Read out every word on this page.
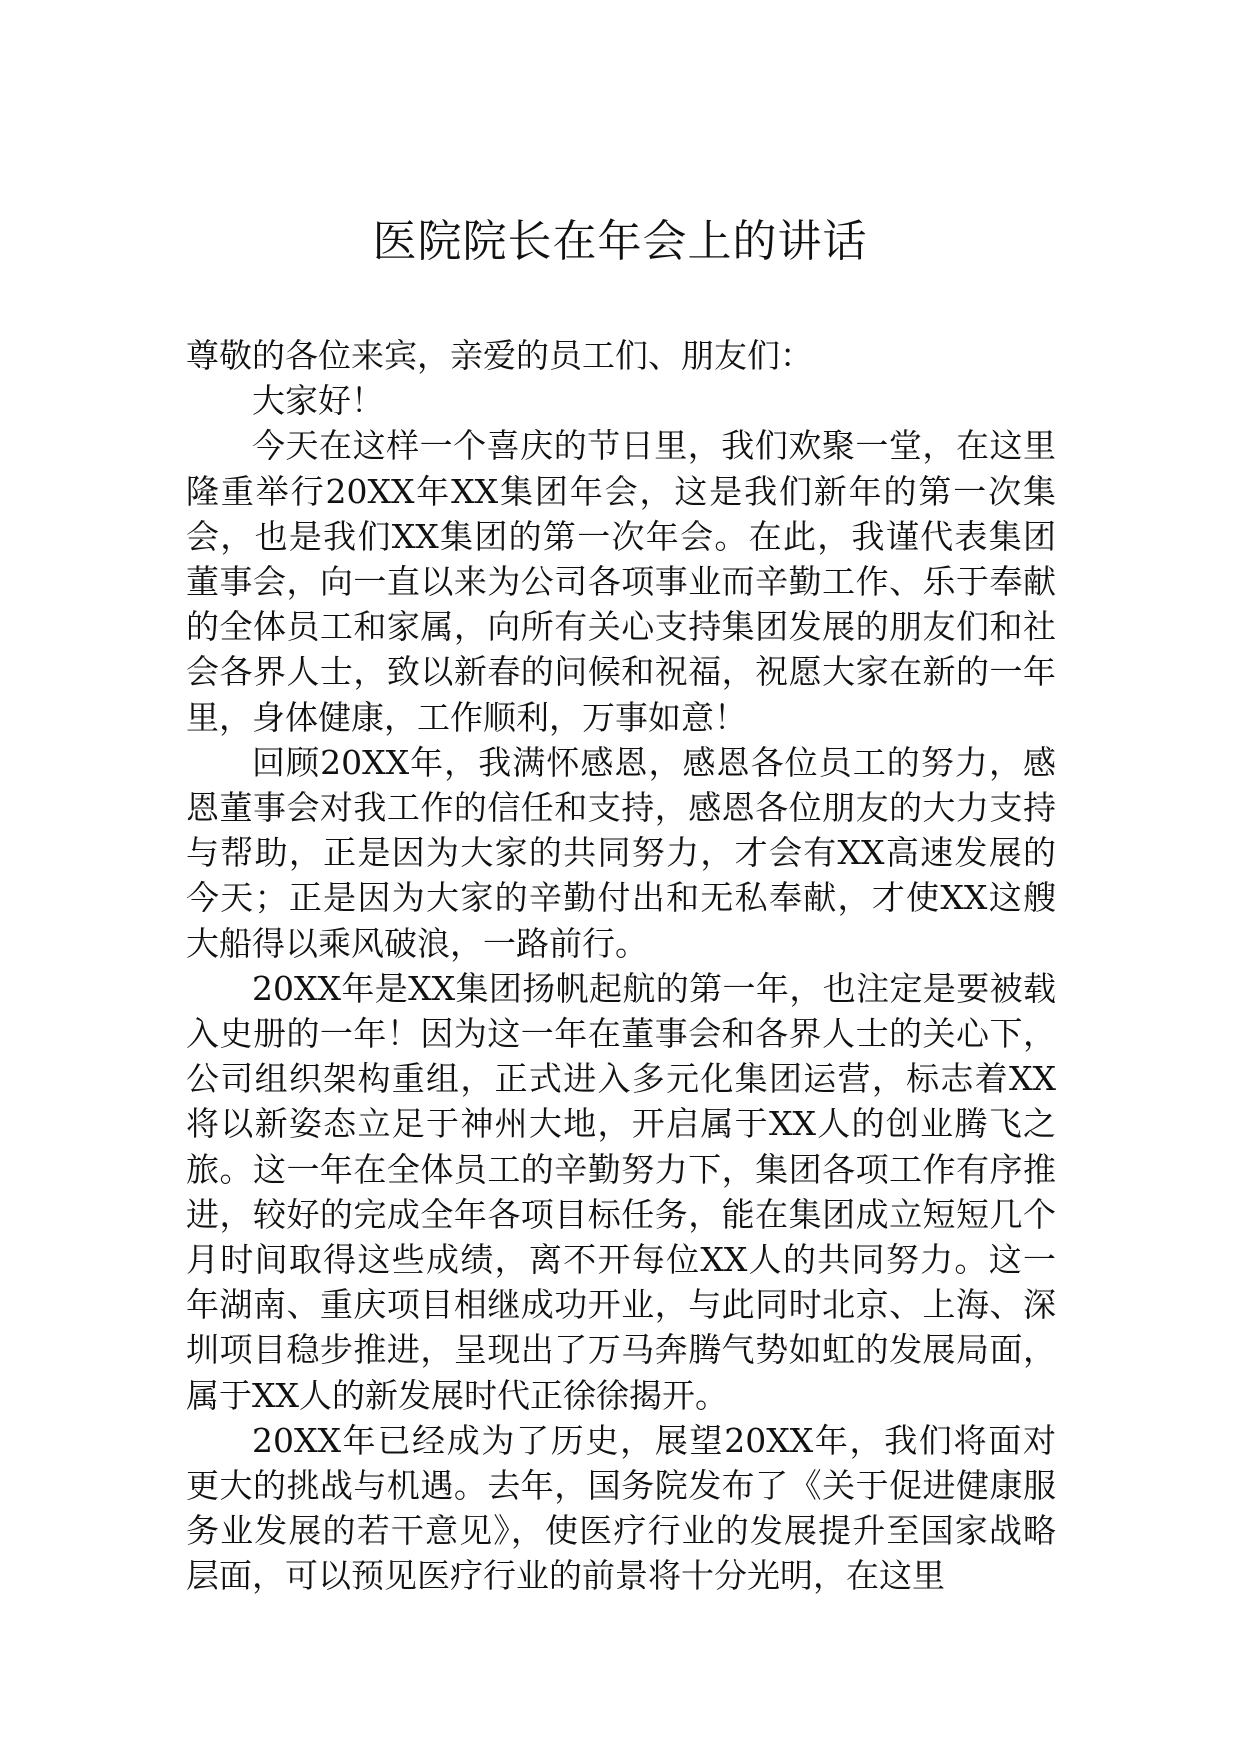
医院院长在年会上的讲话

尊敬的各位来宾，亲爱的员工们、朋友们：

大家好！

今天在这样一个喜庆的节日里，我们欢聚一堂，在这里隆重举行20XX年XX集团年会，这是我们新年的第一次集会，也是我们XX集团的第一次年会。在此，我谨代表集团董事会，向一直以来为公司各项事业而辛勤工作、乐于奉献的全体员工和家属，向所有关心支持集团发展的朋友们和社会各界人士，致以新春的问候和祝福，祝愿大家在新的一年里，身体健康，工作顺利，万事如意！

回顾20XX年，我满怀感恩，感恩各位员工的努力，感恩董事会对我工作的信任和支持，感恩各位朋友的大力支持与帮助，正是因为大家的共同努力，才会有XX高速发展的今天；正是因为大家的辛勤付出和无私奉献，才使XX这艘大船得以乘风破浪，一路前行。

20XX年是XX集团扬帆起航的第一年，也注定是要被载入史册的一年！因为这一年在董事会和各界人士的关心下，公司组织架构重组，正式进入多元化集团运营，标志着XX将以新姿态立足于神州大地，开启属于XX人的创业腾飞之旅。这一年在全体员工的辛勤努力下，集团各项工作有序推进，较好的完成全年各项目标任务，能在集团成立短短几个月时间取得这些成绩，离不开每位XX人的共同努力。这一年湖南、重庆项目相继成功开业，与此同时北京、上海、深圳项目稳步推进，呈现出了万马奔腾气势如虹的发展局面，属于XX人的新发展时代正徐徐揭开。

20XX年已经成为了历史，展望20XX年，我们将面对更大的挑战与机遇。去年，国务院发布了《关于促进健康服务业发展的若干意见》，使医疗行业的发展提升至国家战略层面，可以预见医疗行业的前景将十分光明，在这里
